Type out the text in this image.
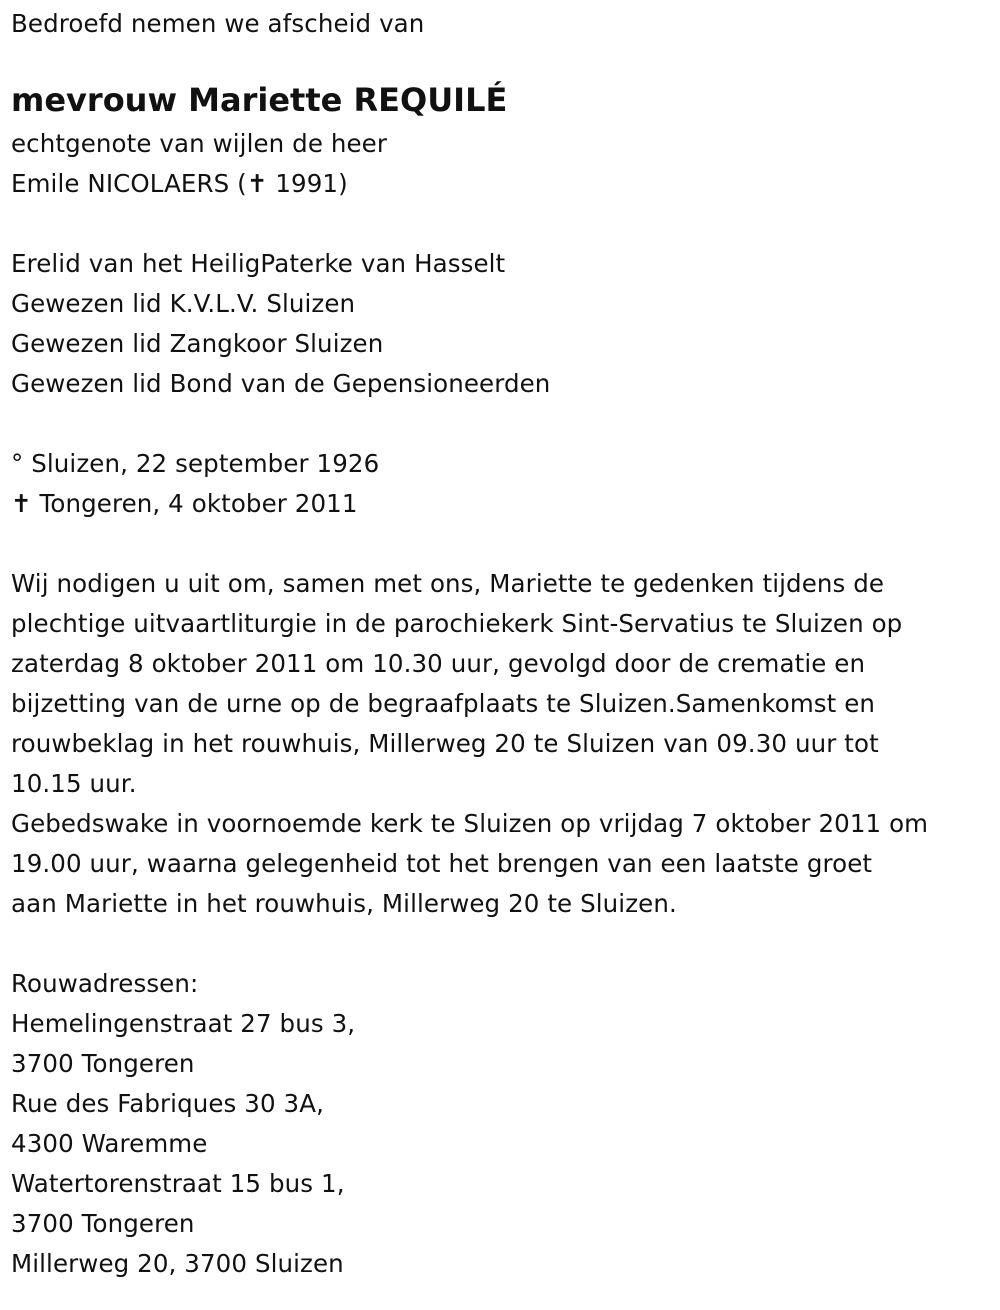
Bedroefd nemen we afscheid van
mevrouw Mariette REQUILÉ
echtgenote van wijlen de heer
Emile NICOLAERS (✝ 1991)
Erelid van het HeiligPaterke van Hasselt
Gewezen lid K.V.L.V. Sluizen
Gewezen lid Zangkoor Sluizen
Gewezen lid Bond van de Gepensioneerden
° Sluizen, 22 september 1926
✝ Tongeren, 4 oktober 2011
Wij nodigen u uit om, samen met ons, Mariette te gedenken tijdens de
plechtige uitvaartliturgie in de parochiekerk Sint-Servatius te Sluizen op
zaterdag 8 oktober 2011 om 10.30 uur, gevolgd door de crematie en
bijzetting van de urne op de begraafplaats te Sluizen.Samenkomst en
rouwbeklag in het rouwhuis, Millerweg 20 te Sluizen van 09.30 uur tot
10.15 uur.
Gebedswake in voornoemde kerk te Sluizen op vrijdag 7 oktober 2011 om
19.00 uur, waarna gelegenheid tot het brengen van een laatste groet
aan Mariette in het rouwhuis, Millerweg 20 te Sluizen.
Rouwadressen:
Hemelingenstraat 27 bus 3,
3700 Tongeren
Rue des Fabriques 30 3A,
4300 Waremme
Watertorenstraat 15 bus 1,
3700 Tongeren
Millerweg 20, 3700 Sluizen
